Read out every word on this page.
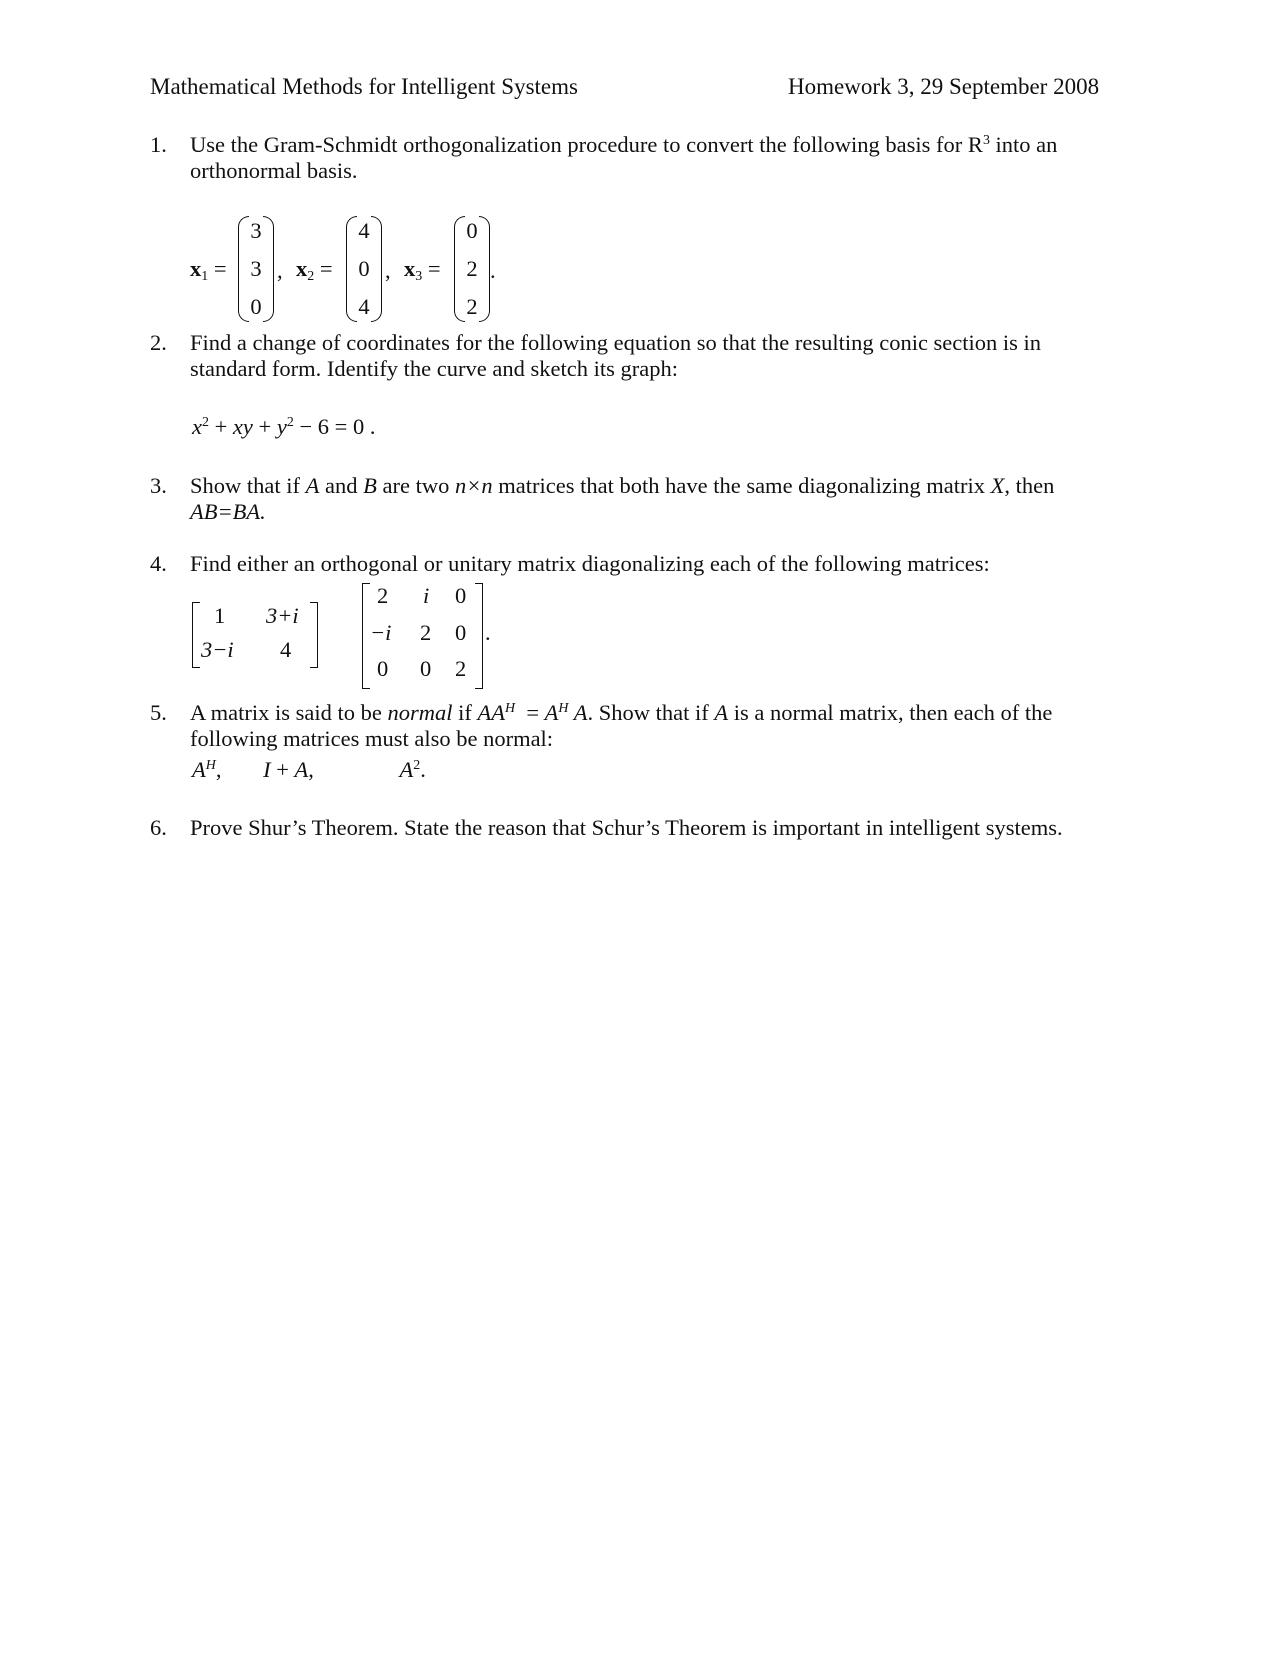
Mathematical Methods for Intelligent Systems	Homework 3, 29 September 2008
1. Use the Gram-Schmidt orthogonalization procedure to convert the following basis for $R^3$ into an
orthonormal basis.
$x_1$ =
3
3
0
, $x_2$ =
4
0
4
, $x_3$ =
0
2
2
.
2. Find a change of coordinates for the following equation so that the resulting conic section is in
standard form. Identify the curve and sketch its graph:
$x^2$ + xy + $y^2 - 6 = 0$ .
3. Show that if A and B are two n×n matrices that both have the same diagonalizing matrix X, then
AB=BA.
4. Find either an orthogonal or unitary matrix diagonalizing each of the following matrices:
1 3+i
3−i 4
2 i 0
−i 2 0
0 0 2
.
5. A matrix is said to be normal if $AA^H = A^H$ A. Show that if A is a normal matrix, then each of the
following matrices must also be normal:
$A^H$, I + A,	$A^2$.
6. Prove Shur’s Theorem. State the reason that Schur’s Theorem is important in intelligent systems.
